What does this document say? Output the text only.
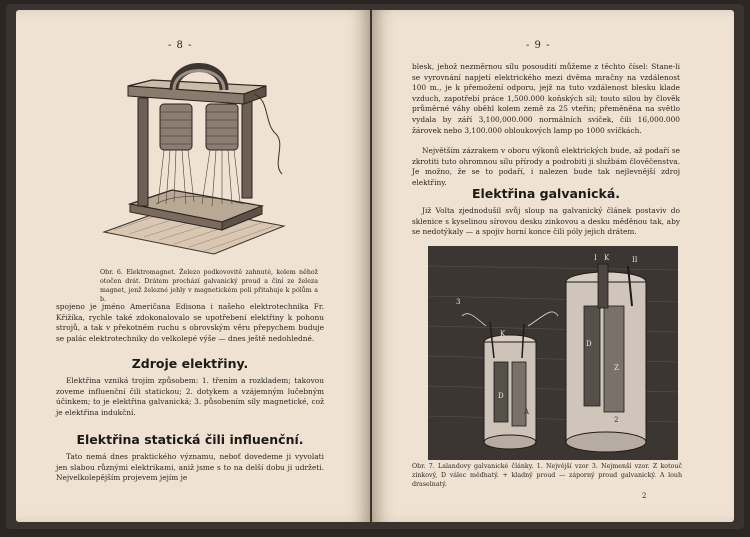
- 8 -
Obr. 6. Elektromagnet. Železo podkovovitě zahnuté, kolem něhož otočen drát. Drátem prochází galvanický proud a činí ze železa magnet, jenž železné jehly v magnetickém poli přitahuje k pólům a b.

spojeno je jméno Američana Edisona i našeho elektrotechnika Fr. Křižíka, rychle také zdokonalovalo se upotřebení elektřiny k pohonu strojů, a tak v překotném ruchu s obrovským věru přepychem buduje se palác elektrotechniky do velkolepé výše — dnes ještě nedohledné.

Zdroje elektřiny.

Elektřina vzniká trojím způsobem: 1. třením a rozkladem; takovou zoveme influenční čili statickou; 2. dotykem a vzájemným lučebným účinkem; to je elektřina galvanická; 3. působením síly magnetické, což je elektřina indukční.

Elektřina statická čili influenční.

Tato nemá dnes praktického významu, neboť dovedeme ji vyvolati jen slabou různými elektrikami, aniž jsme s to na delší dobu ji udržeti. Nejvelkolepějším projevem jejím je

- 9 -

blesk, jehož nezměrnou sílu posouditi můžeme z těchto čísel: Stane-li se vyrovnání napjetí elektrického mezi dvěma mračny na vzdálenost 100 m., je k přemožení odporu, jejž na tuto vzdálenost blesku klade vzduch, zapotřebí práce 1,500.000 koňských sil; touto silou by člověk průměrné váhy oběhl kolem země za 25 vteřin; přeměněna na světlo vydala by září 3,100,000.000 normálních sviček, čili 16,000.000 žárovek nebo 3,100.000 obloukových lamp po 1000 svíčkách.

Největším zázrakem v oboru výkonů elektrických bude, až podaří se zkrotiti tuto ohromnou sílu přírody a podrobiti ji službám člověčenstva. Je možno, že se to podaří, i nalezen bude tak nejlevnější zdroj elektřiny.

Elektřina galvanická.

Již Volta zjednodušil svůj sloup na galvanický článek postaviv do sklenice s kyselinou sírovou desku zinkovou a desku měděnou tak, aby se nedotýkaly — a spojiv horní konce čili póly jejich drátem.

3
K
I K	II
D
D
Z
A
2
Obr. 7. Lalandovy galvanické články. 1. Nejvější vzor 3. Nejmenší vzor. Z kotouč zinkový, D válec měďnatý. + kladný proud — záporný proud galvanický. A louh draselnatý.
2
